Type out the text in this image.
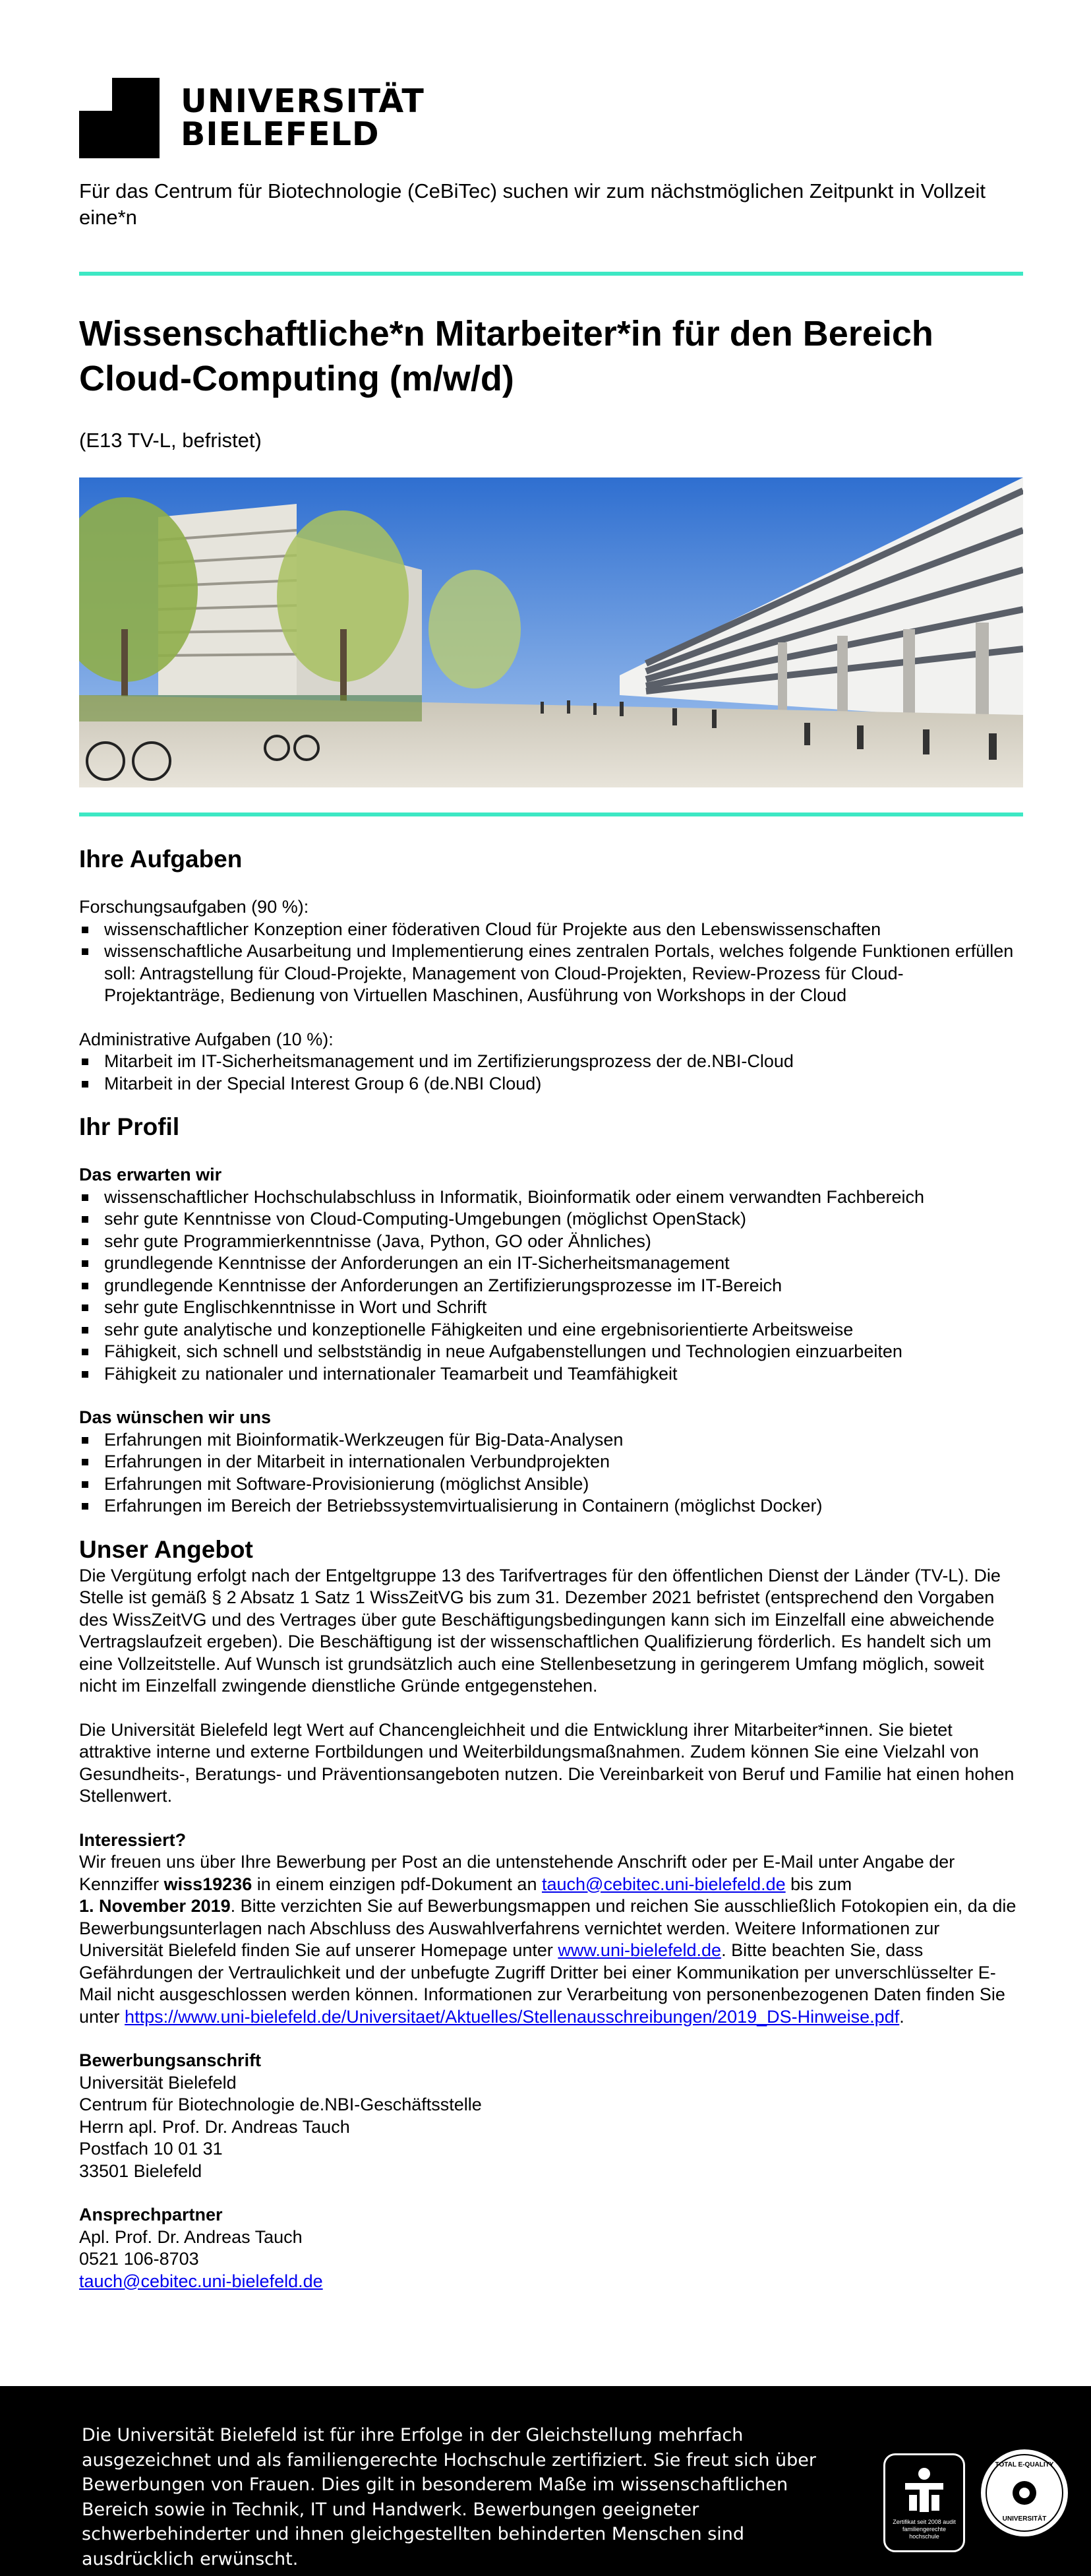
UNIVERSITÄT
BIELEFELD
Für das Centrum für Biotechnologie (CeBiTec) suchen wir zum nächstmöglichen Zeitpunkt in Vollzeit eine*n
Wissenschaftliche*n Mitarbeiter*in für den Bereich Cloud-Computing (m/w/d)
(E13 TV-L, befristet)
Ihre Aufgaben

Forschungsaufgaben (90 %):

wissenschaftlicher Konzeption einer föderativen Cloud für Projekte aus den Lebenswissenschaften
wissenschaftliche Ausarbeitung und Implementierung eines zentralen Portals, welches folgende Funktionen erfüllen soll: Antragstellung für Cloud-Projekte, Management von Cloud-Projekten, Review-Prozess für Cloud-Projektanträge, Bedienung von Virtuellen Maschinen, Ausführung von Workshops in der Cloud

Administrative Aufgaben (10 %):

Mitarbeit im IT-Sicherheitsmanagement und im Zertifizierungsprozess der de.NBI-Cloud
Mitarbeit in der Special Interest Group 6 (de.NBI Cloud)
Ihr Profil
Das erwarten wir
wissenschaftlicher Hochschulabschluss in Informatik, Bioinformatik oder einem verwandten Fachbereich
sehr gute Kenntnisse von Cloud-Computing-Umgebungen (möglichst OpenStack)
sehr gute Programmierkenntnisse (Java, Python, GO oder Ähnliches)
grundlegende Kenntnisse der Anforderungen an ein IT-Sicherheitsmanagement
grundlegende Kenntnisse der Anforderungen an Zertifizierungsprozesse im IT-Bereich
sehr gute Englischkenntnisse in Wort und Schrift
sehr gute analytische und konzeptionelle Fähigkeiten und eine ergebnisorientierte Arbeitsweise
Fähigkeit, sich schnell und selbstständig in neue Aufgabenstellungen und Technologien einzuarbeiten
Fähigkeit zu nationaler und internationaler Teamarbeit und Teamfähigkeit
Das wünschen wir uns
Erfahrungen mit Bioinformatik-Werkzeugen für Big-Data-Analysen
Erfahrungen in der Mitarbeit in internationalen Verbundprojekten
Erfahrungen mit Software-Provisionierung (möglichst Ansible)
Erfahrungen im Bereich der Betriebssystemvirtualisierung in Containern (möglichst Docker)
Unser Angebot

Die Vergütung erfolgt nach der Entgeltgruppe 13 des Tarifvertrages für den öffentlichen Dienst der Länder (TV-L). Die Stelle ist gemäß § 2 Absatz 1 Satz 1 WissZeitVG bis zum 31. Dezember 2021 befristet (entsprechend den Vorgaben des WissZeitVG und des Vertrages über gute Beschäftigungsbedingungen kann sich im Einzelfall eine abweichende Vertragslaufzeit ergeben). Die Beschäftigung ist der wissenschaftlichen Qualifizierung förderlich. Es handelt sich um eine Vollzeitstelle. Auf Wunsch ist grundsätzlich auch eine Stellenbesetzung in geringerem Umfang möglich, soweit nicht im Einzelfall zwingende dienstliche Gründe entgegenstehen.

Die Universität Bielefeld legt Wert auf Chancengleichheit und die Entwicklung ihrer Mitarbeiter*innen. Sie bietet attraktive interne und externe Fortbildungen und Weiterbildungsmaßnahmen. Zudem können Sie eine Vielzahl von Gesundheits-, Beratungs- und Präventionsangeboten nutzen. Die Vereinbarkeit von Beruf und Familie hat einen hohen Stellenwert.

Interessiert?

Wir freuen uns über Ihre Bewerbung per Post an die untenstehende Anschrift oder per E-Mail unter Angabe der Kennziffer wiss19236 in einem einzigen pdf-Dokument an tauch@cebitec.uni-bielefeld.de bis zum
1. November 2019. Bitte verzichten Sie auf Bewerbungsmappen und reichen Sie ausschließlich Fotokopien ein, da die Bewerbungsunterlagen nach Abschluss des Auswahlverfahrens vernichtet werden. Weitere Informationen zur Universität Bielefeld finden Sie auf unserer Homepage unter www.uni-bielefeld.de. Bitte beachten Sie, dass Gefährdungen der Vertraulichkeit und der unbefugte Zugriff Dritter bei einer Kommunikation per unverschlüsselter E-Mail nicht ausgeschlossen werden können. Informationen zur Verarbeitung von personenbezogenen Daten finden Sie unter https://www.uni-bielefeld.de/Universitaet/Aktuelles/Stellenausschreibungen/2019_DS-Hinweise.pdf.

Bewerbungsanschrift

Universität Bielefeld

Centrum für Biotechnologie de.NBI-Geschäftsstelle

Herrn apl. Prof. Dr. Andreas Tauch

Postfach 10 01 31

33501 Bielefeld

Ansprechpartner

Apl. Prof. Dr. Andreas Tauch

0521 106-8703

tauch@cebitec.uni-bielefeld.de

Die Universität Bielefeld ist für ihre Erfolge in der Gleichstellung mehrfach ausgezeichnet und als familiengerechte Hochschule zertifiziert. Sie freut sich über Bewerbungen von Frauen. Dies gilt in besonderem Maße im wissenschaftlichen Bereich sowie in Technik, IT und Handwerk. Bewerbungen geeigneter schwerbehinderter und ihnen gleichgestellten behinderten Menschen sind ausdrücklich erwünscht.
Zertifikat seit 2008 audit familiengerechte hochschule
TOTAL E-QUALITY
UNIVERSITÄT
